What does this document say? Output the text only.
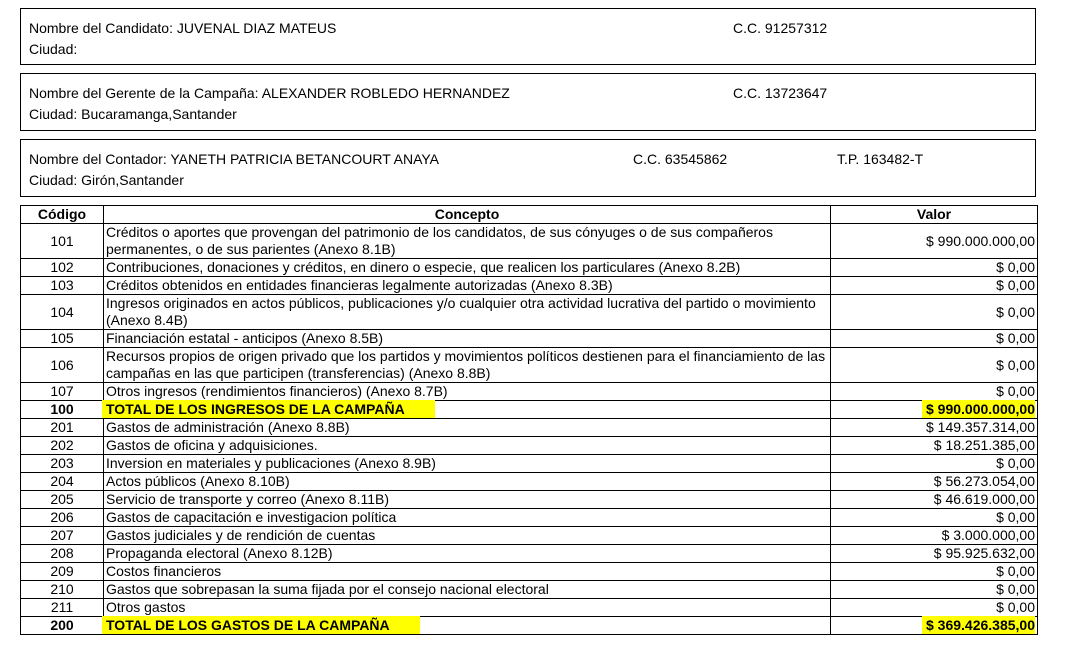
Nombre del Candidato: JUVENAL DIAZ MATEUS	C.C. 91257312
Ciudad:
Nombre del Gerente de la Campaña: ALEXANDER ROBLEDO HERNANDEZ	C.C. 13723647
Ciudad: Bucaramanga,Santander
Nombre del Contador: YANETH PATRICIA BETANCOURT ANAYA	C.C. 63545862	T.P. 163482-T
Ciudad: Girón,Santander
Código	Concepto	Valor
101	Créditos o aportes que provengan del patrimonio de los candidatos, de sus cónyuges o de sus compañeros permanentes, o de sus parientes (Anexo 8.1B)	$ 990.000.000,00
102	Contribuciones, donaciones y créditos, en dinero o especie, que realicen los particulares (Anexo 8.2B)	$ 0,00
103	Créditos obtenidos en entidades financieras legalmente autorizadas (Anexo 8.3B)	$ 0,00
104	Ingresos originados en actos públicos, publicaciones y/o cualquier otra actividad lucrativa del partido o movimiento (Anexo 8.4B)	$ 0,00
105	Financiación estatal - anticipos (Anexo 8.5B)	$ 0,00
106	Recursos propios de origen privado que los partidos y movimientos políticos destienen para el financiamiento de las campañas en las que participen (transferencias) (Anexo 8.8B)	$ 0,00
107	Otros ingresos (rendimientos financieros) (Anexo 8.7B)	$ 0,00
100	TOTAL DE LOS INGRESOS DE LA CAMPAÑA	$ 990.000.000,00
201	Gastos de administración (Anexo 8.8B)	$ 149.357.314,00
202	Gastos de oficina y adquisiciones.	$ 18.251.385,00
203	Inversion en materiales y publicaciones (Anexo 8.9B)	$ 0,00
204	Actos públicos (Anexo 8.10B)	$ 56.273.054,00
205	Servicio de transporte y correo (Anexo 8.11B)	$ 46.619.000,00
206	Gastos de capacitación e investigacion política	$ 0,00
207	Gastos judiciales y de rendición de cuentas	$ 3.000.000,00
208	Propaganda electoral (Anexo 8.12B)	$ 95.925.632,00
209	Costos financieros	$ 0,00
210	Gastos que sobrepasan la suma fijada por el consejo nacional electoral	$ 0,00
211	Otros gastos	$ 0,00
200	TOTAL DE LOS GASTOS DE LA CAMPAÑA	$ 369.426.385,00
